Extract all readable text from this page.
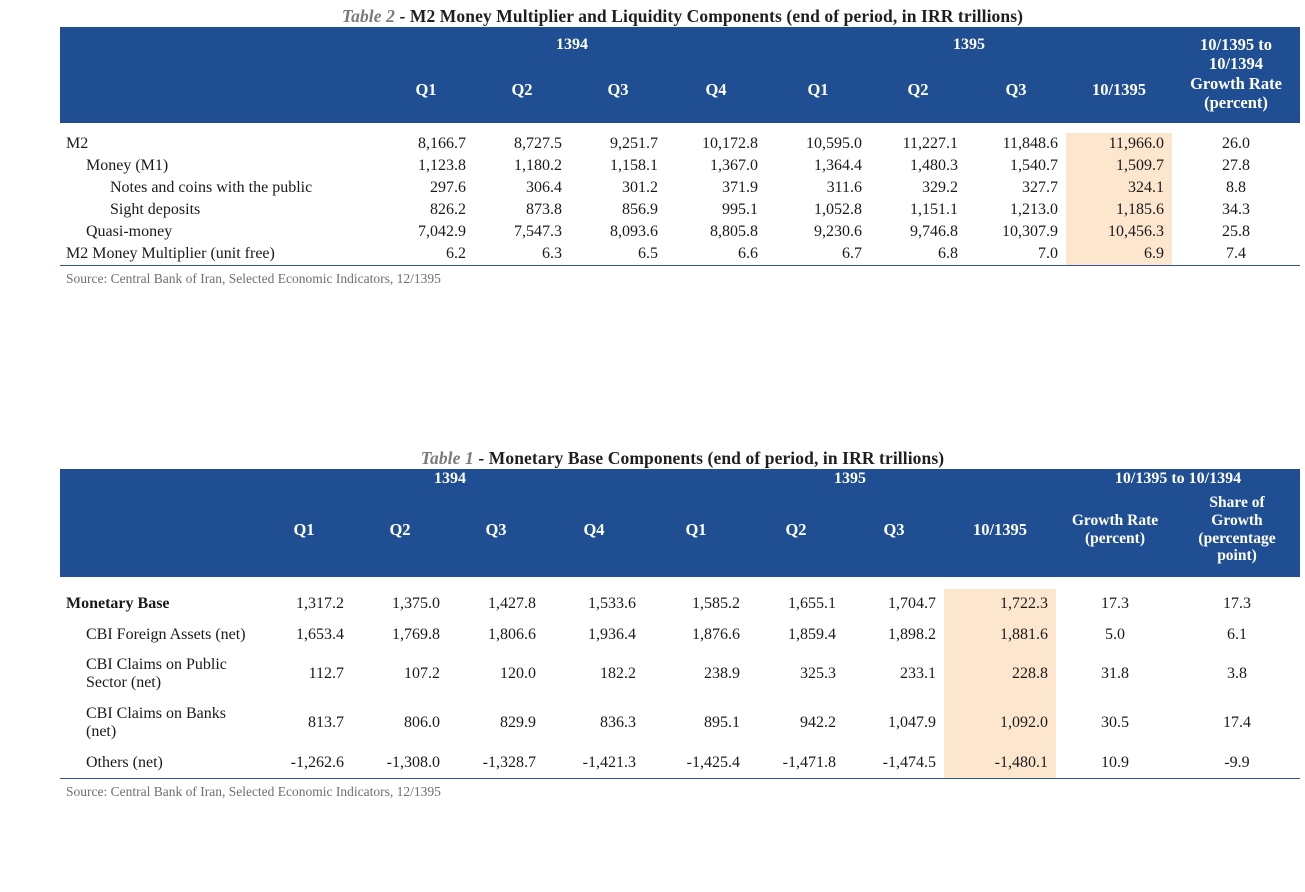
Table 2 - M2 Money Multiplier and Liquidity Components (end of period, in IRR trillions)
	1394				1395				10/1395 to 10/1394 Growth Rate (percent)
	Q1	Q2	Q3	Q4	Q1	Q2	Q3	10/1395	

M2	8,166.7	8,727.5	9,251.7	10,172.8	10,595.0	11,227.1	11,848.6	11,966.0	26.0
Money (M1)	1,123.8	1,180.2	1,158.1	1,367.0	1,364.4	1,480.3	1,540.7	1,509.7	27.8
Notes and coins with the public	297.6	306.4	301.2	371.9	311.6	329.2	327.7	324.1	8.8
Sight deposits	826.2	873.8	856.9	995.1	1,052.8	1,151.1	1,213.0	1,185.6	34.3
Quasi-money	7,042.9	7,547.3	8,093.6	8,805.8	9,230.6	9,746.8	10,307.9	10,456.3	25.8
M2 Money Multiplier (unit free)	6.2	6.3	6.5	6.6	6.7	6.8	7.0	6.9	7.4
Source: Central Bank of Iran, Selected Economic Indicators, 12/1395
Table 1 - Monetary Base Components (end of period, in IRR trillions)
	1394				1395				10/1395 to 10/1394	
	Q1	Q2	Q3	Q4	Q1	Q2	Q3	10/1395	Growth Rate (percent)	Share of Growth (percentage point)

Monetary Base	1,317.2	1,375.0	1,427.8	1,533.6	1,585.2	1,655.1	1,704.7	1,722.3	17.3	17.3
CBI Foreign Assets (net)	1,653.4	1,769.8	1,806.6	1,936.4	1,876.6	1,859.4	1,898.2	1,881.6	5.0	6.1
CBI Claims on Public Sector (net)	112.7	107.2	120.0	182.2	238.9	325.3	233.1	228.8	31.8	3.8
CBI Claims on Banks (net)	813.7	806.0	829.9	836.3	895.1	942.2	1,047.9	1,092.0	30.5	17.4
Others (net)	-1,262.6	-1,308.0	-1,328.7	-1,421.3	-1,425.4	-1,471.8	-1,474.5	-1,480.1	10.9	-9.9
Source: Central Bank of Iran, Selected Economic Indicators, 12/1395
